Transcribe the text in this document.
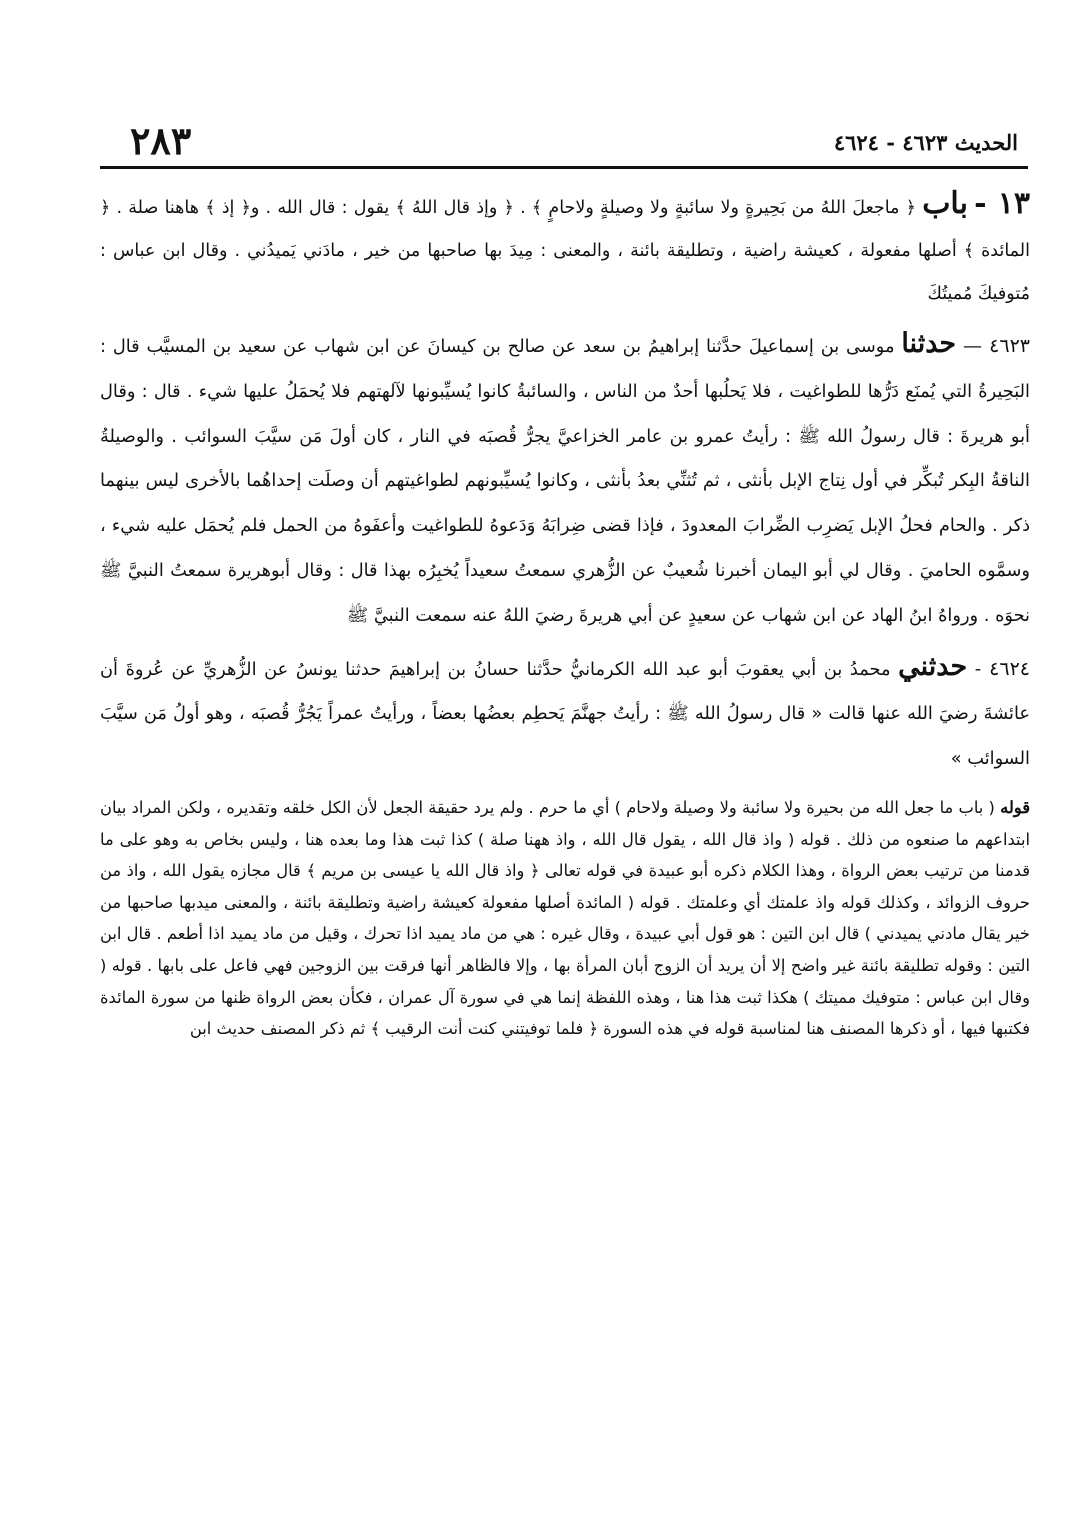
٢٨٣	الحديث ٤٦٢٣ - ٤٦٢٤

١٣ - باب ﴿ ماجعلَ اللهُ من بَحِيرةٍ ولا سائبةٍ ولا وصيلةٍ ولاحامٍ ﴾ . ﴿ وإذ قال اللهُ ﴾ يقول : قال الله . و﴿ إذ ﴾ هاهنا صلة . ﴿ المائدة ﴾ أصلها مفعولة ، كعيشة راضية ، وتطليقة بائنة ، والمعنى : مِيدَ بها صاحبها من خير ، مادَني يَميدُني . وقال ابن عباس : مُتوفيكَ مُميتُكَ

٤٦٢٣ — حدثنا موسى بن إسماعيلَ حدَّثنا إبراهيمُ بن سعد عن صالح بن كيسانَ عن ابن شهاب عن سعيد بن المسيَّب قال : البَحِيرةُ التي يُمنَع دَرُّها للطواغيت ، فلا يَحلُبها أحدٌ من الناس ، والسائبةُ كانوا يُسيِّبونها لآلهتهم فلا يُحمَلُ عليها شيء . قال : وقال أبو هريرةَ : قال رسولُ الله ﷺ : رأيتُ عمرو بن عامر الخزاعيَّ يجرُّ قُصبَه في النار ، كان أولَ مَن سيَّبَ السوائب . والوصيلةُ الناقةُ البِكر تُبكِّر في أول نِتاج الإبل بأنثى ، ثم تُثنِّي بعدُ بأنثى ، وكانوا يُسيِّبونهم لطواغيتهم أن وصلَت إحداهُما بالأخرى ليس بينهما ذكر . والحام فحلُ الإبل يَضرِب الضِّرابَ المعدودَ ، فإذا قضى ضِرابَهُ وَدَعوهُ للطواغيت وأعفَوهُ من الحمل فلم يُحمَل عليه شيء ، وسمَّوه الحاميَ . وقال لي أبو اليمان أخبرنا شُعيبٌ عن الزُّهري سمعتُ سعيداً يُخبِرُه بهذا قال : وقال أبوهريرة سمعتُ النبيَّ ﷺ نحوَه . ورواهُ ابنُ الهاد عن ابن شهاب عن سعيدٍ عن أبي هريرةَ رضيَ اللهُ عنه سمعت النبيَّ ﷺ

٤٦٢٤ - حدثني محمدُ بن أبي يعقوبَ أبو عبد الله الكرمانيُّ حدَّثنا حسانُ بن إبراهيمَ حدثنا يونسُ عن الزُّهريِّ عن عُروةَ أن عائشةَ رضيَ الله عنها قالت « قال رسولُ الله ﷺ : رأيتُ جهنَّمَ يَحطِم بعضُها بعضاً ، ورأيتُ عمراً يَجُرُّ قُصبَه ، وهو أولُ مَن سيَّبَ السوائب »

قوله ( باب ما جعل الله من بحيرة ولا سائبة ولا وصيلة ولاحام ) أي ما حرم . ولم يرد حقيقة الجعل لأن الكل خلقه وتقديره ، ولكن المراد بيان ابتداعهم ما صنعوه من ذلك . قوله ( واذ قال الله ، يقول قال الله ، واذ ههنا صلة ) كذا ثبت هذا وما بعده هنا ، وليس بخاص به وهو على ما قدمنا من ترتيب بعض الرواة ، وهذا الكلام ذكره أبو عبيدة في قوله تعالى ﴿ واذ قال الله يا عيسى بن مريم ﴾ قال مجازه يقول الله ، واذ من حروف الزوائد ، وكذلك قوله واذ علمتك أي وعلمتك . قوله ( المائدة أصلها مفعولة كعيشة راضية وتطليقة بائنة ، والمعنى ميدبها صاحبها من خير يقال مادني يميدني ) قال ابن التين : هو قول أبي عبيدة ، وقال غيره : هي من ماد يميد اذا تحرك ، وقيل من ماد يميد اذا أطعم . قال ابن التين : وقوله تطليقة بائنة غير واضح إلا أن يريد أن الزوج أبان المرأة بها ، وإلا فالظاهر أنها فرقت بين الزوجين فهي فاعل على بابها . قوله ( وقال ابن عباس : متوفيك مميتك ) هكذا ثبت هذا هنا ، وهذه اللفظة إنما هي في سورة آل عمران ، فكأن بعض الرواة ظنها من سورة المائدة فكتبها فيها ، أو ذكرها المصنف هنا لمناسبة قوله في هذه السورة ﴿ فلما توفيتني كنت أنت الرقيب ﴾ ثم ذكر المصنف حديث ابن
